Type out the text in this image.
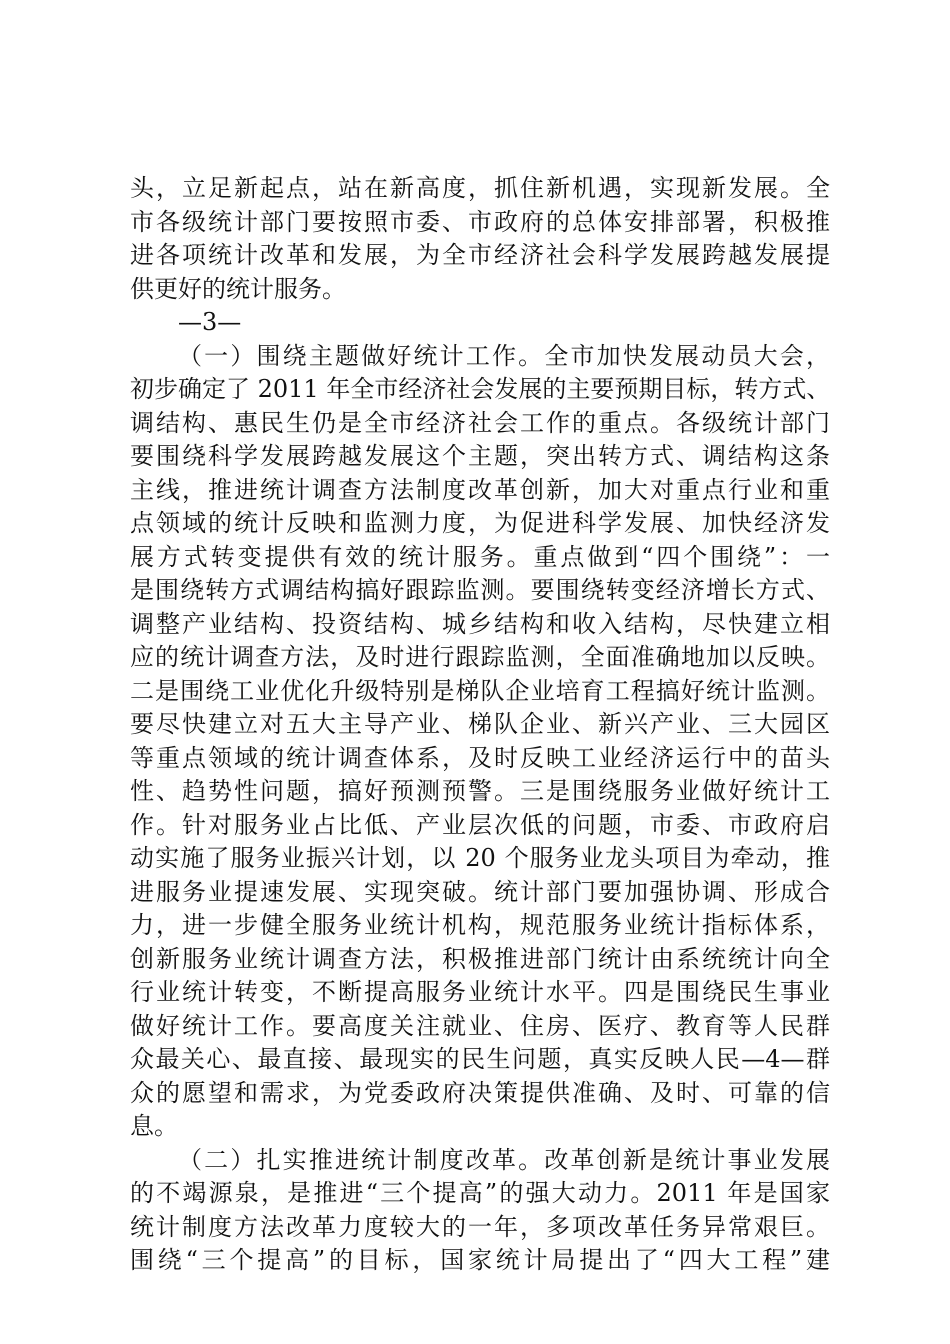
头，立足新起点，站在新高度，抓住新机遇，实现新发展。全
市各级统计部门要按照市委、市政府的总体安排部署，积极推
进各项统计改革和发展，为全市经济社会科学发展跨越发展提
供更好的统计服务。
—3—
（一）围绕主题做好统计工作。全市加快发展动员大会，
初步确定了 2011 年全市经济社会发展的主要预期目标，转方式、
调结构、惠民生仍是全市经济社会工作的重点。各级统计部门
要围绕科学发展跨越发展这个主题，突出转方式、调结构这条
主线，推进统计调查方法制度改革创新，加大对重点行业和重
点领域的统计反映和监测力度，为促进科学发展、加快经济发
展方式转变提供有效的统计服务。重点做到“四个围绕”：一
是围绕转方式调结构搞好跟踪监测。要围绕转变经济增长方式、
调整产业结构、投资结构、城乡结构和收入结构，尽快建立相
应的统计调查方法，及时进行跟踪监测，全面准确地加以反映。
二是围绕工业优化升级特别是梯队企业培育工程搞好统计监测。
要尽快建立对五大主导产业、梯队企业、新兴产业、三大园区
等重点领域的统计调查体系，及时反映工业经济运行中的苗头
性、趋势性问题，搞好预测预警。三是围绕服务业做好统计工
作。针对服务业占比低、产业层次低的问题，市委、市政府启
动实施了服务业振兴计划，以 20 个服务业龙头项目为牵动，推
进服务业提速发展、实现突破。统计部门要加强协调、形成合
力，进一步健全服务业统计机构，规范服务业统计指标体系，
创新服务业统计调查方法，积极推进部门统计由系统统计向全
行业统计转变，不断提高服务业统计水平。四是围绕民生事业
做好统计工作。要高度关注就业、住房、医疗、教育等人民群
众最关心、最直接、最现实的民生问题，真实反映人民—4—群
众的愿望和需求，为党委政府决策提供准确、及时、可靠的信
息。
（二）扎实推进统计制度改革。改革创新是统计事业发展
的不竭源泉，是推进“三个提高”的强大动力。2011 年是国家
统计制度方法改革力度较大的一年，多项改革任务异常艰巨。
围绕“三个提高”的目标，国家统计局提出了“四大工程”建
